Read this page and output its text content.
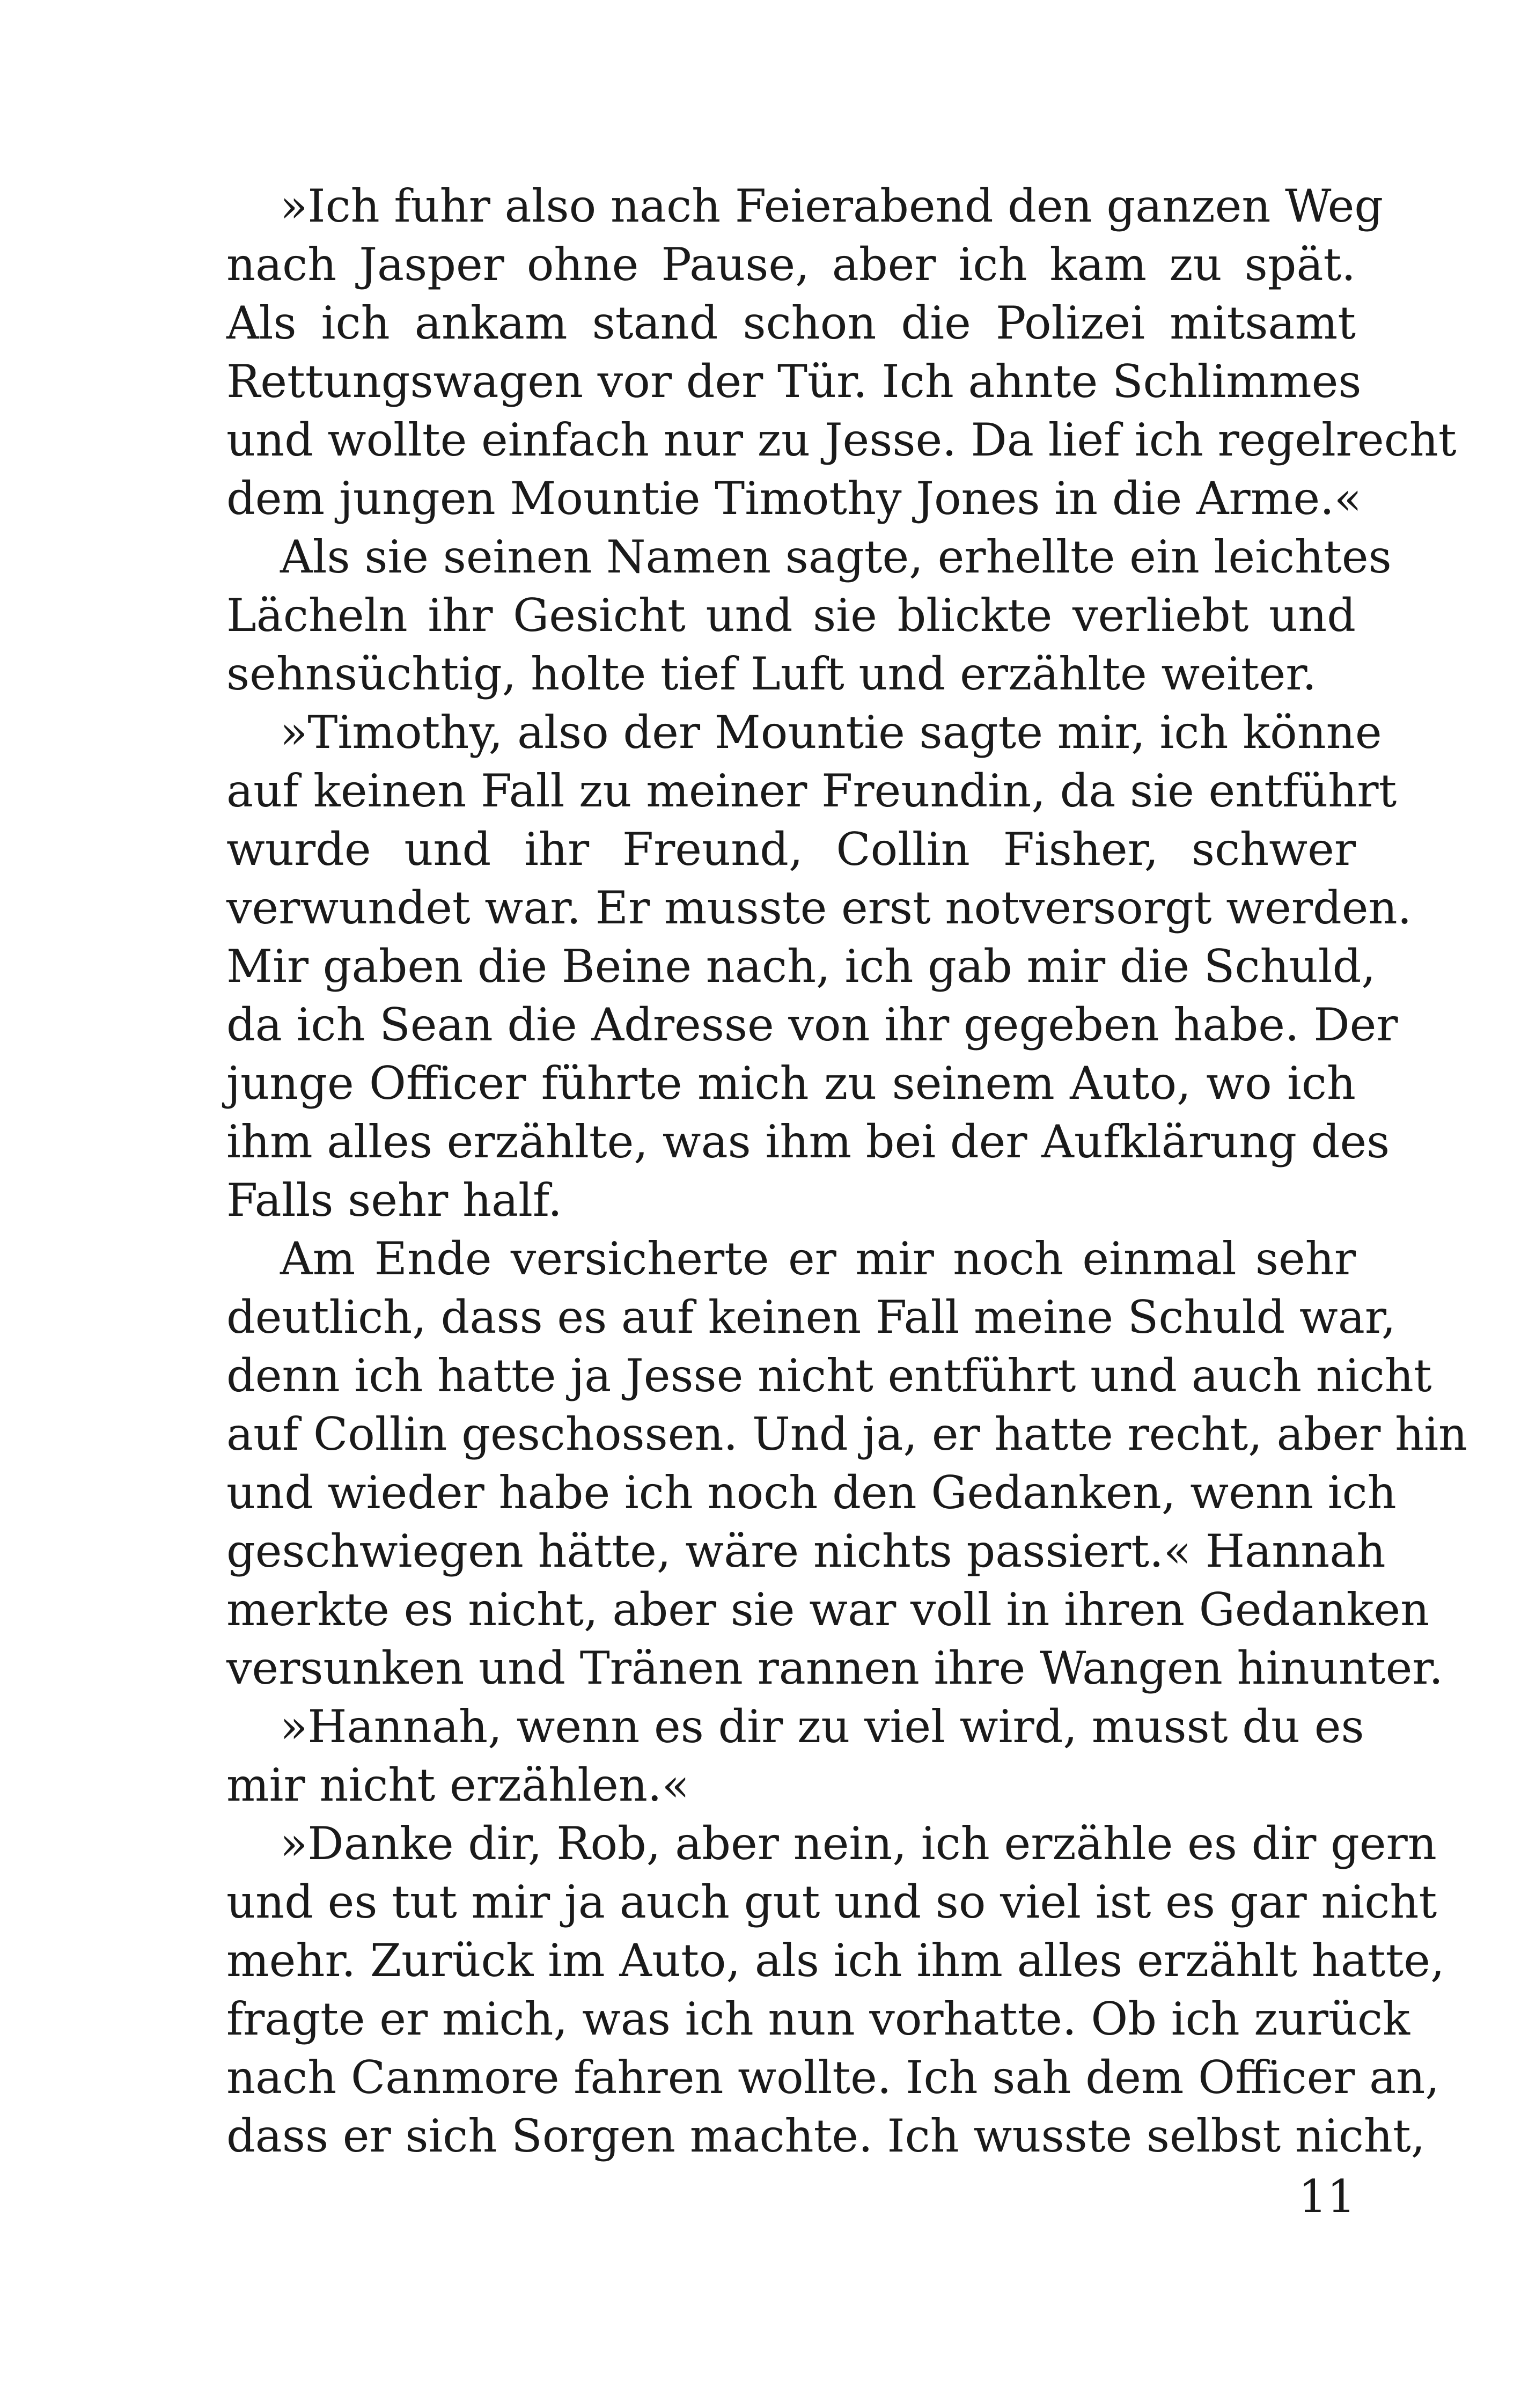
»Ich fuhr also nach Feierabend den ganzen Weg
nach Jasper ohne Pause, aber ich kam zu spät.
Als ich ankam stand schon die Polizei mitsamt
Rettungswagen vor der Tür. Ich ahnte Schlimmes
und wollte einfach nur zu Jesse. Da lief ich regelrecht
dem jungen Mountie Timothy Jones in die Arme.«
Als sie seinen Namen sagte, erhellte ein leichtes
Lächeln ihr Gesicht und sie blickte verliebt und
sehnsüchtig, holte tief Luft und erzählte weiter.
»Timothy, also der Mountie sagte mir, ich könne
auf keinen Fall zu meiner Freundin, da sie entführt
wurde und ihr Freund, Collin Fisher, schwer
verwundet war. Er musste erst notversorgt werden.
Mir gaben die Beine nach, ich gab mir die Schuld,
da ich Sean die Adresse von ihr gegeben habe. Der
junge Officer führte mich zu seinem Auto, wo ich
ihm alles erzählte, was ihm bei der Aufklärung des
Falls sehr half.
Am Ende versicherte er mir noch einmal sehr
deutlich, dass es auf keinen Fall meine Schuld war,
denn ich hatte ja Jesse nicht entführt und auch nicht
auf Collin geschossen. Und ja, er hatte recht, aber hin
und wieder habe ich noch den Gedanken, wenn ich
geschwiegen hätte, wäre nichts passiert.« Hannah
merkte es nicht, aber sie war voll in ihren Gedanken
versunken und Tränen rannen ihre Wangen hinunter.
»Hannah, wenn es dir zu viel wird, musst du es
mir nicht erzählen.«
»Danke dir, Rob, aber nein, ich erzähle es dir gern
und es tut mir ja auch gut und so viel ist es gar nicht
mehr. Zurück im Auto, als ich ihm alles erzählt hatte,
fragte er mich, was ich nun vorhatte. Ob ich zurück
nach Canmore fahren wollte. Ich sah dem Officer an,
dass er sich Sorgen machte. Ich wusste selbst nicht,
11
